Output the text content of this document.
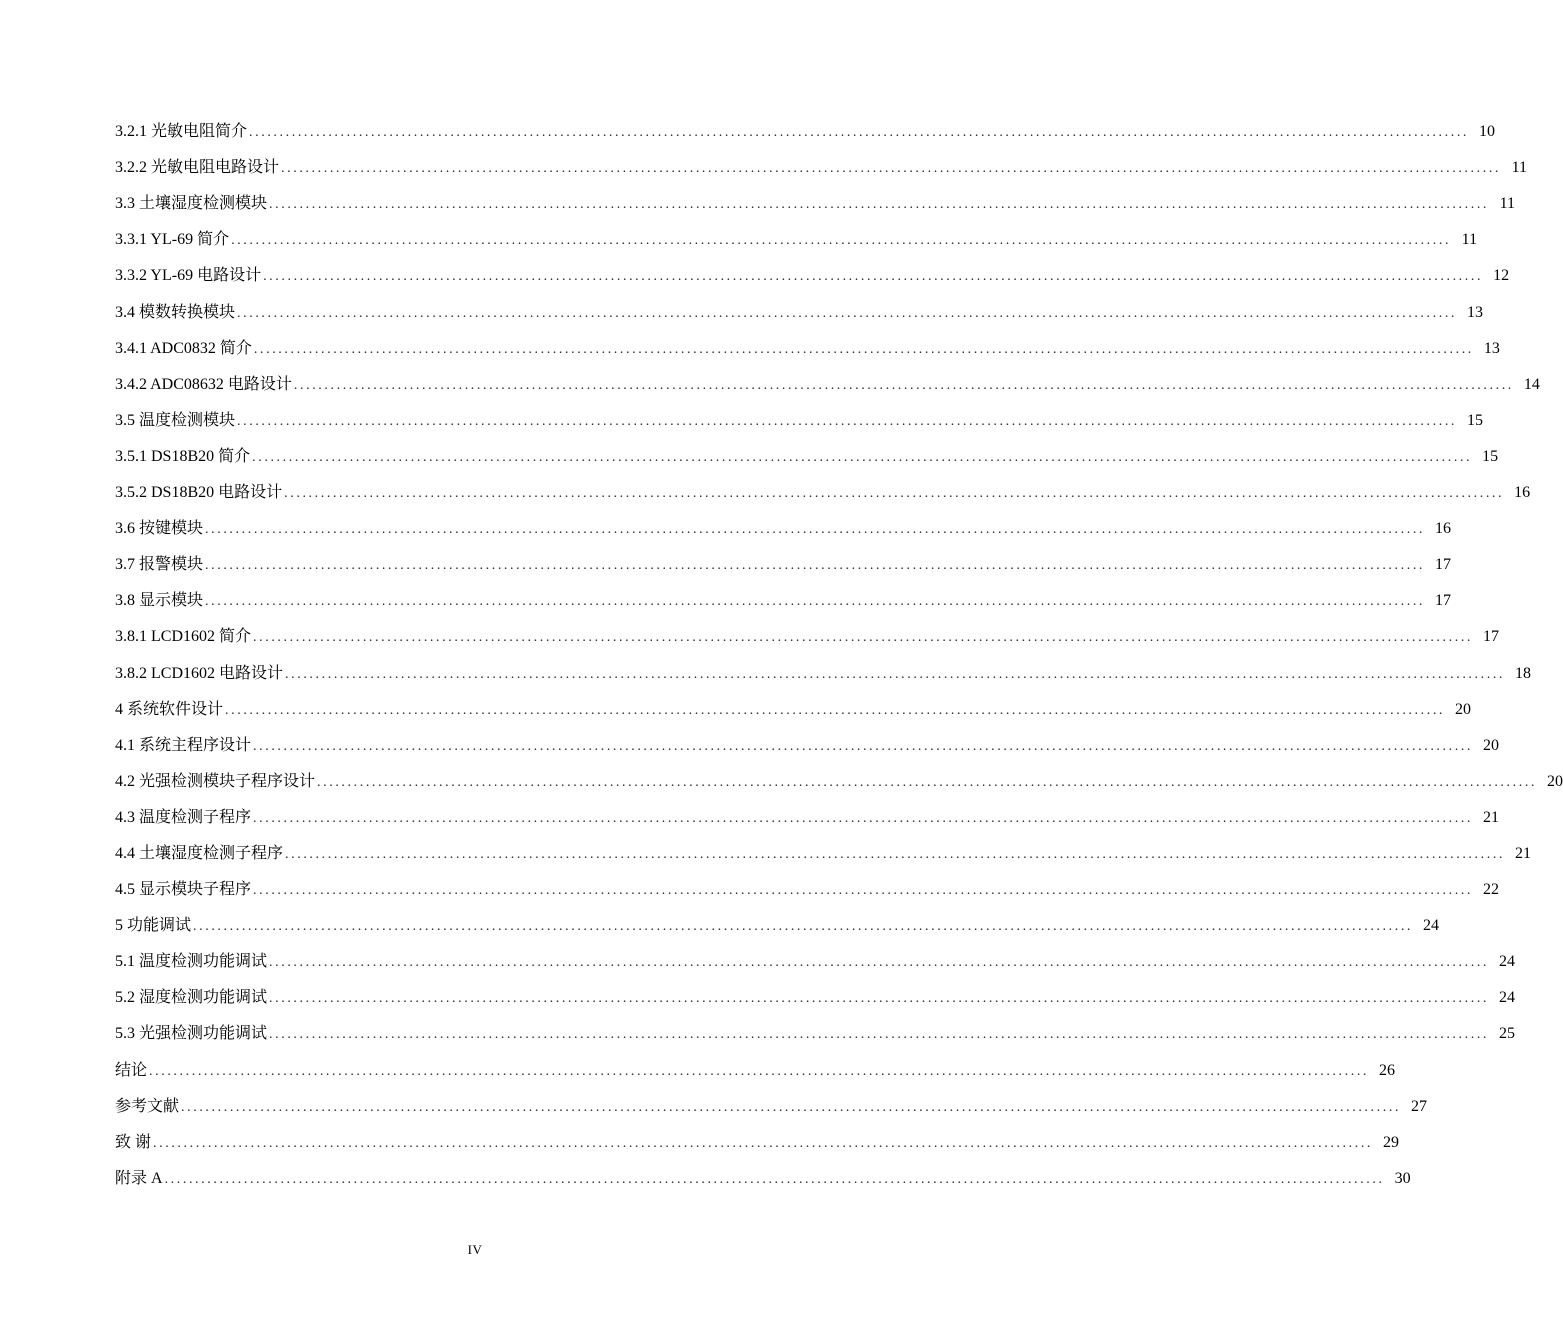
3.2.1 光敏电阻简介 ........................................................................................................................................................................................................ 10
3.2.2 光敏电阻电路设计 ........................................................................................................................................................................................................ 11
3.3 土壤湿度检测模块 ........................................................................................................................................................................................................ 11
3.3.1 YL-69 简介 ........................................................................................................................................................................................................ 11
3.3.2 YL-69 电路设计 ........................................................................................................................................................................................................ 12
3.4 模数转换模块 ........................................................................................................................................................................................................ 13
3.4.1 ADC0832 简介 ........................................................................................................................................................................................................ 13
3.4.2 ADC08632 电路设计 ........................................................................................................................................................................................................ 14
3.5 温度检测模块 ........................................................................................................................................................................................................ 15
3.5.1 DS18B20 简介 ........................................................................................................................................................................................................ 15
3.5.2 DS18B20 电路设计 ........................................................................................................................................................................................................ 16
3.6 按键模块 ........................................................................................................................................................................................................ 16
3.7 报警模块 ........................................................................................................................................................................................................ 17
3.8 显示模块 ........................................................................................................................................................................................................ 17
3.8.1 LCD1602 简介 ........................................................................................................................................................................................................ 17
3.8.2 LCD1602 电路设计 ........................................................................................................................................................................................................ 18
4 系统软件设计 ........................................................................................................................................................................................................ 20
4.1 系统主程序设计 ........................................................................................................................................................................................................ 20
4.2 光强检测模块子程序设计 ........................................................................................................................................................................................................ 20
4.3 温度检测子程序 ........................................................................................................................................................................................................ 21
4.4 土壤湿度检测子程序 ........................................................................................................................................................................................................ 21
4.5 显示模块子程序 ........................................................................................................................................................................................................ 22
5 功能调试 ........................................................................................................................................................................................................ 24
5.1 温度检测功能调试 ........................................................................................................................................................................................................ 24
5.2 湿度检测功能调试 ........................................................................................................................................................................................................ 24
5.3 光强检测功能调试 ........................................................................................................................................................................................................ 25
结论 ........................................................................................................................................................................................................ 26
参考文献 ........................................................................................................................................................................................................ 27
致 谢 ........................................................................................................................................................................................................ 29
附录 A ........................................................................................................................................................................................................ 30
IV
